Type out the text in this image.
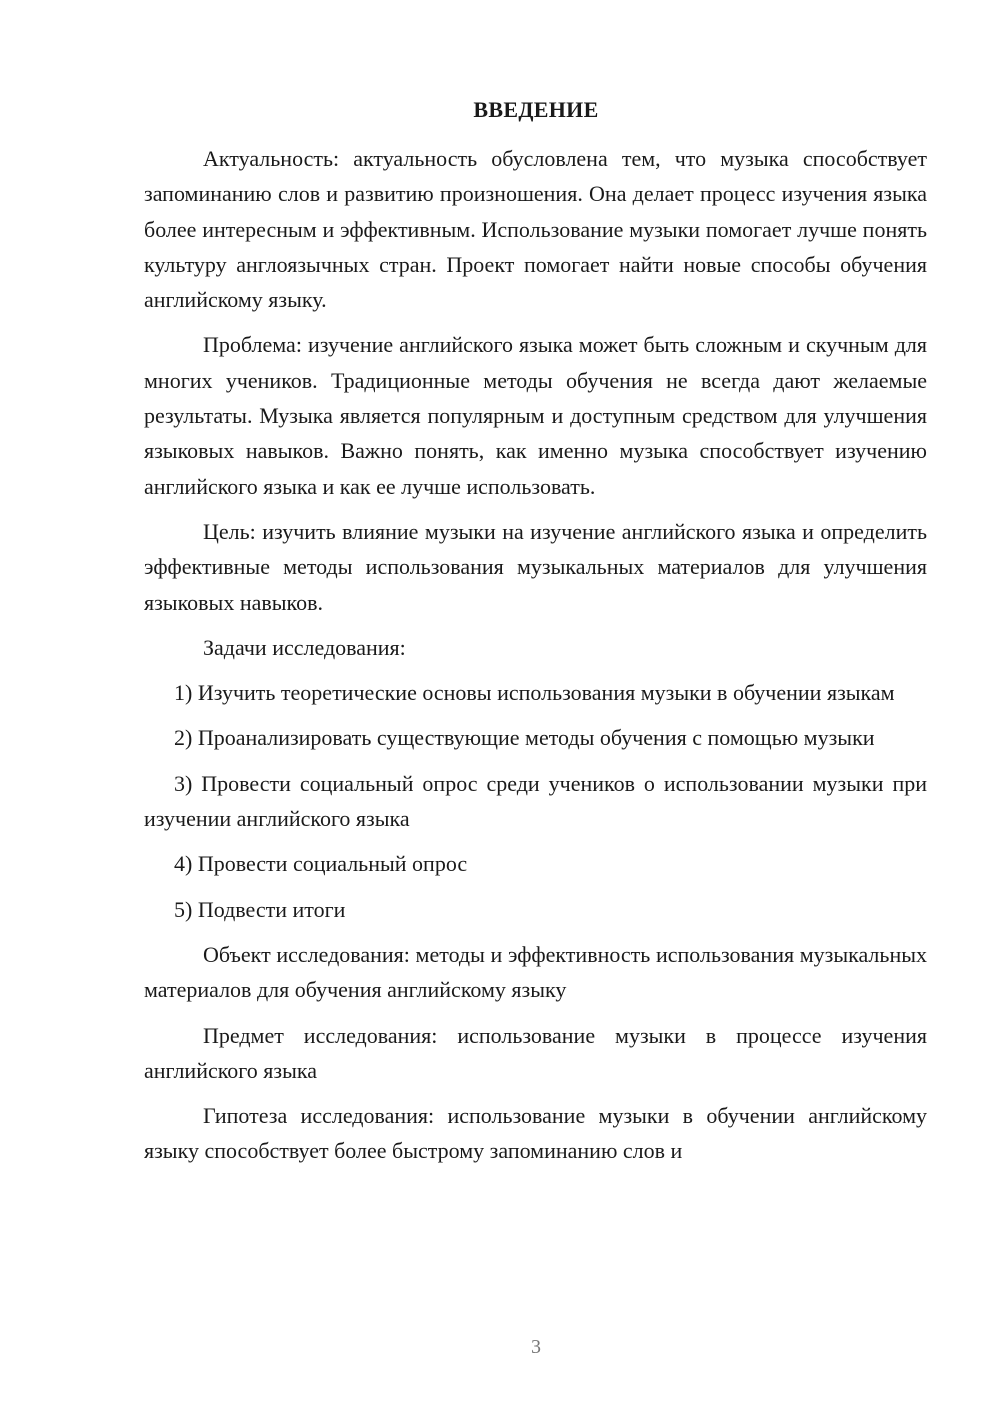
ВВЕДЕНИЕ

Актуальность: актуальность обусловлена тем, что музыка способствует запоминанию слов и развитию произношения. Она делает процесс изучения языка более интересным и эффективным. Использование музыки помогает лучше понять культуру англоязычных стран. Проект помогает найти новые способы обучения английскому языку.

Проблема: изучение английского языка может быть сложным и скучным для многих учеников. Традиционные методы обучения не всегда дают желаемые результаты. Музыка является популярным и доступным средством для улучшения языковых навыков. Важно понять, как именно музыка способствует изучению английского языка и как ее лучше использовать.

Цель: изучить влияние музыки на изучение английского языка и определить эффективные методы использования музыкальных материалов для улучшения языковых навыков.

Задачи исследования:

1) Изучить теоретические основы использования музыки в обучении языкам

2) Проанализировать существующие методы обучения с помощью музыки

3) Провести социальный опрос среди учеников о использовании музыки при изучении английского языка

4) Провести социальный опрос

5) Подвести итоги

Объект исследования: методы и эффективность использования музыкальных материалов для обучения английскому языку

Предмет исследования: использование музыки в процессе изучения английского языка

Гипотеза исследования: использование музыки в обучении английскому языку способствует более быстрому запоминанию слов и

3
